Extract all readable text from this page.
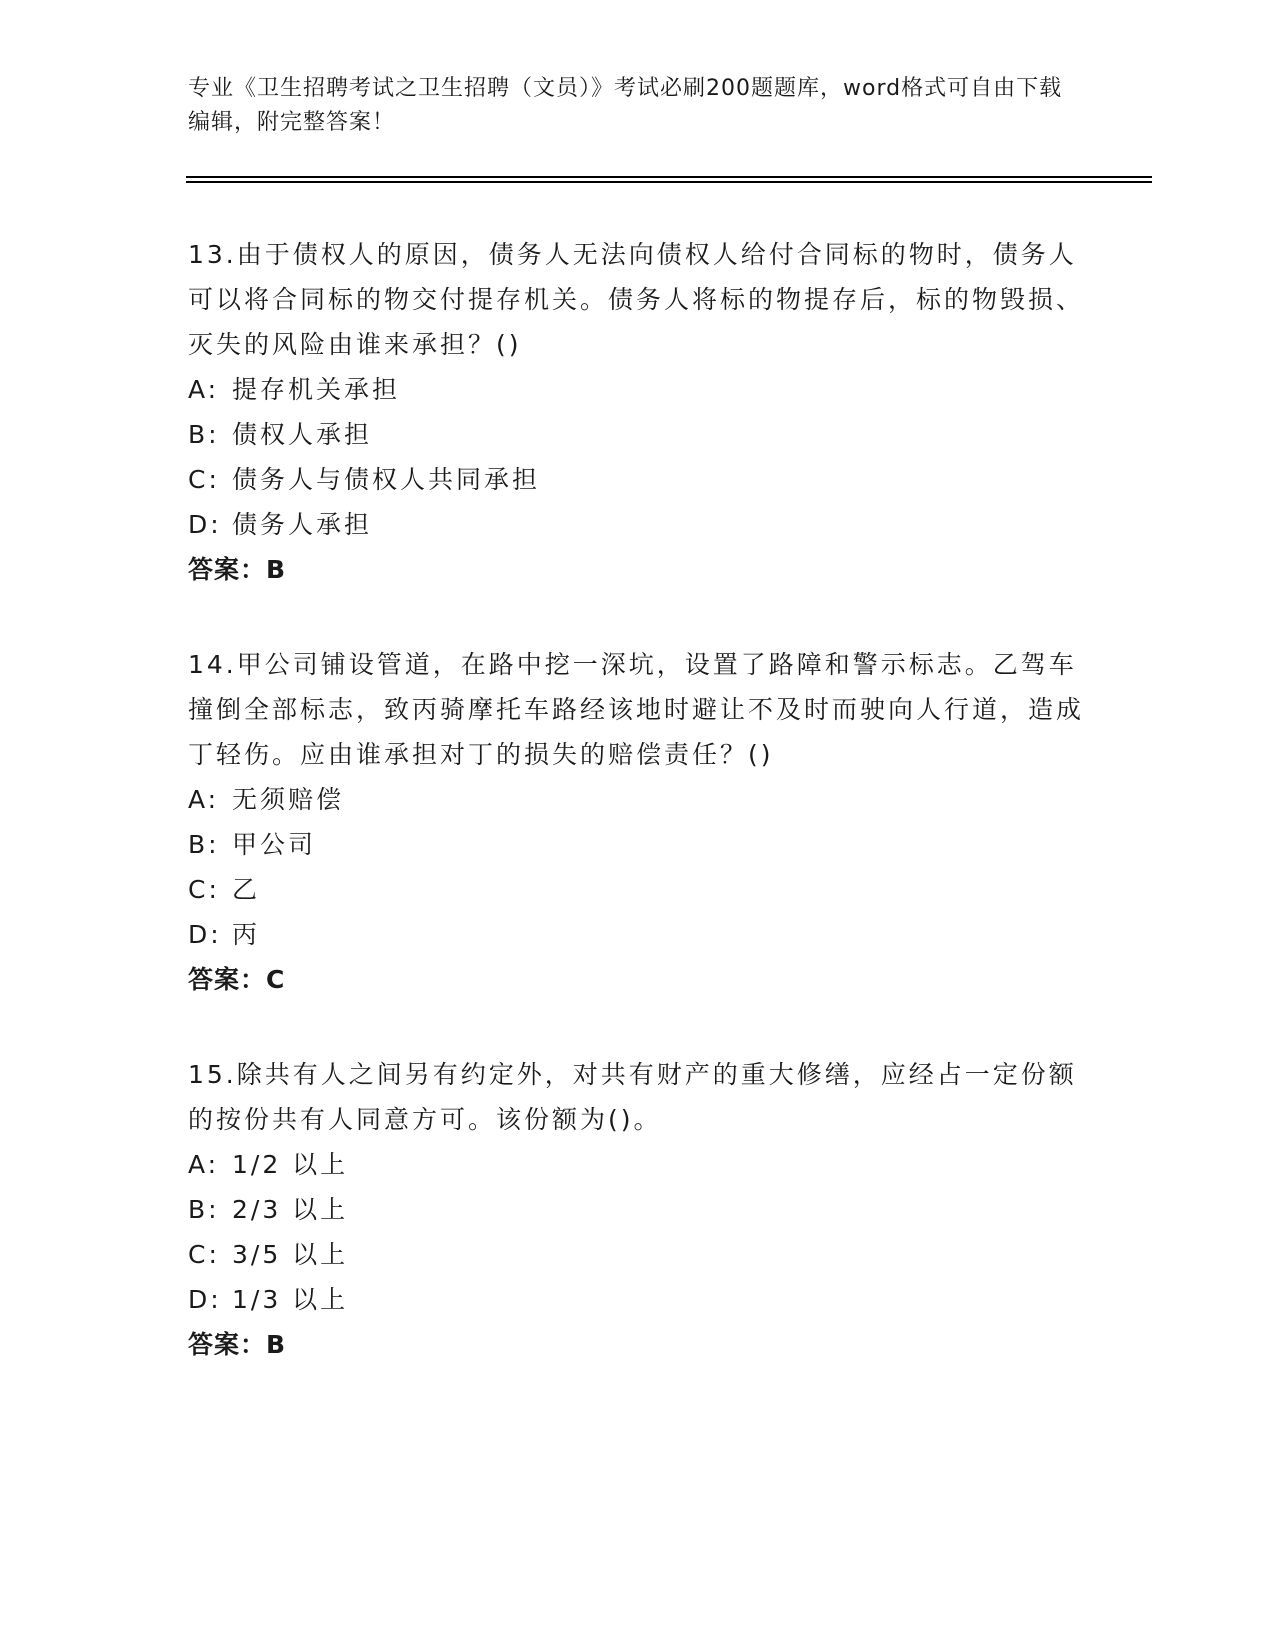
专业《卫生招聘考试之卫生招聘（文员）》考试必刷200题题库，word格式可自由下载编辑，附完整答案！

13.由于债权人的原因，债务人无法向债权人给付合同标的物时，债务人可以将合同标的物交付提存机关。债务人将标的物提存后，标的物毁损、灭失的风险由谁来承担？()

A: 提存机关承担

B: 债权人承担

C: 债务人与债权人共同承担

D: 债务人承担

答案：B

14.甲公司铺设管道，在路中挖一深坑，设置了路障和警示标志。乙驾车撞倒全部标志，致丙骑摩托车路经该地时避让不及时而驶向人行道，造成丁轻伤。应由谁承担对丁的损失的赔偿责任？()

A: 无须赔偿

B: 甲公司

C: 乙

D: 丙

答案：C

15.除共有人之间另有约定外，对共有财产的重大修缮，应经占一定份额的按份共有人同意方可。该份额为()。

A: 1/2 以上

B: 2/3 以上

C: 3/5 以上

D: 1/3 以上

答案：B
